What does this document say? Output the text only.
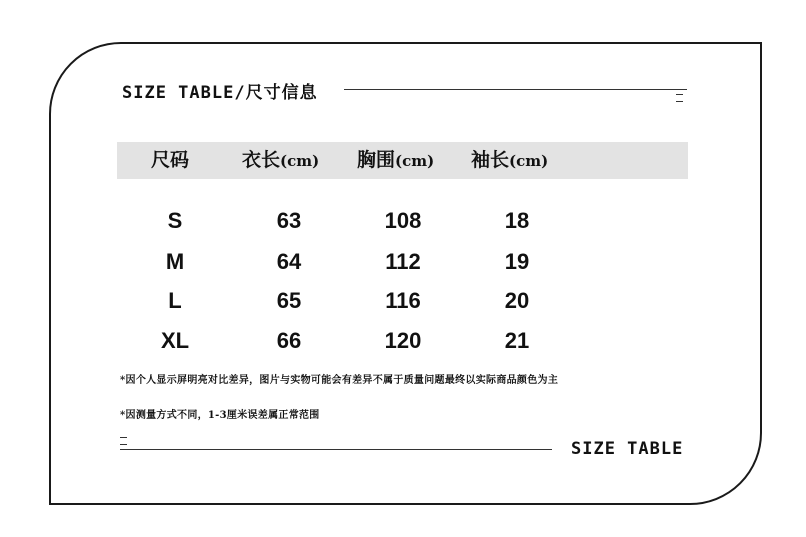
SIZE TABLE/尺寸信息
尺码	衣长(cm) 胸围(cm) 袖长(cm)
S	63	108	18
M	64	112	19
L	65	116	20
XL	66	120	21
*因个人显示屏明亮对比差异，图片与实物可能会有差异不属于质量问题最终以实际商品颜色为主
*因测量方式不同，1-3厘米误差属正常范围
SIZE TABLE
